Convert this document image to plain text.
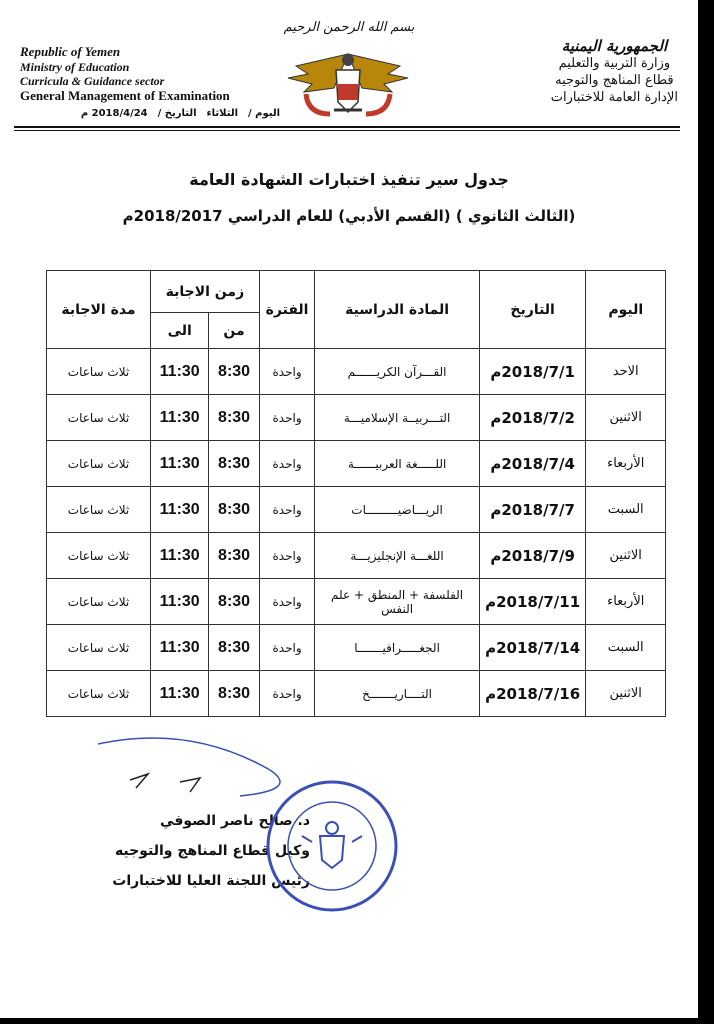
بسم الله الرحمن الرحيم
Republic of Yemen
Ministry of Education
Curricula & Guidance sector
General Management of Examination
اليوم /
الثلاثاء
التاريخ /
2018/4/24 م
الجمهورية اليمنية
وزارة التربية والتعليم
قطاع المناهج والتوجيه
الإدارة العامة للاختبارات
جدول سير تنفيذ اختبارات الشهادة العامة
(الثالث الثانوي ) (القسم الأدبي) للعام الدراسي 2018/2017م
اليوم	التاريخ	المادة الدراسية	الفترة	زمن الاجابة		مدة الاجابة
				من	الى	
الاحد	2018/7/1م	القـــرآن الكريــــــم	واحدة	8:30	11:30	ثلاث ساعات
الاثنين	2018/7/2م	التـــربيــة الإسلاميـــة	واحدة	8:30	11:30	ثلاث ساعات
الأربعاء	2018/7/4م	اللـــــغة العربيــــــة	واحدة	8:30	11:30	ثلاث ساعات
السبت	2018/7/7م	الريـــاضيـــــــــات	واحدة	8:30	11:30	ثلاث ساعات
الاثنين	2018/7/9م	اللغـــة الإنجليزيـــة	واحدة	8:30	11:30	ثلاث ساعات
الأربعاء	2018/7/11م	الفلسفة + المنطق + علم النفس	واحدة	8:30	11:30	ثلاث ساعات
السبت	2018/7/14م	الجغـــــرافيـــــــا	واحدة	8:30	11:30	ثلاث ساعات
الاثنين	2018/7/16م	التــــاريـــــــخ	واحدة	8:30	11:30	ثلاث ساعات
د. صالح ناصر الصوفي
وكيل قطاع المناهج والتوجيه
رئيس اللجنة العليا للاختبارات
